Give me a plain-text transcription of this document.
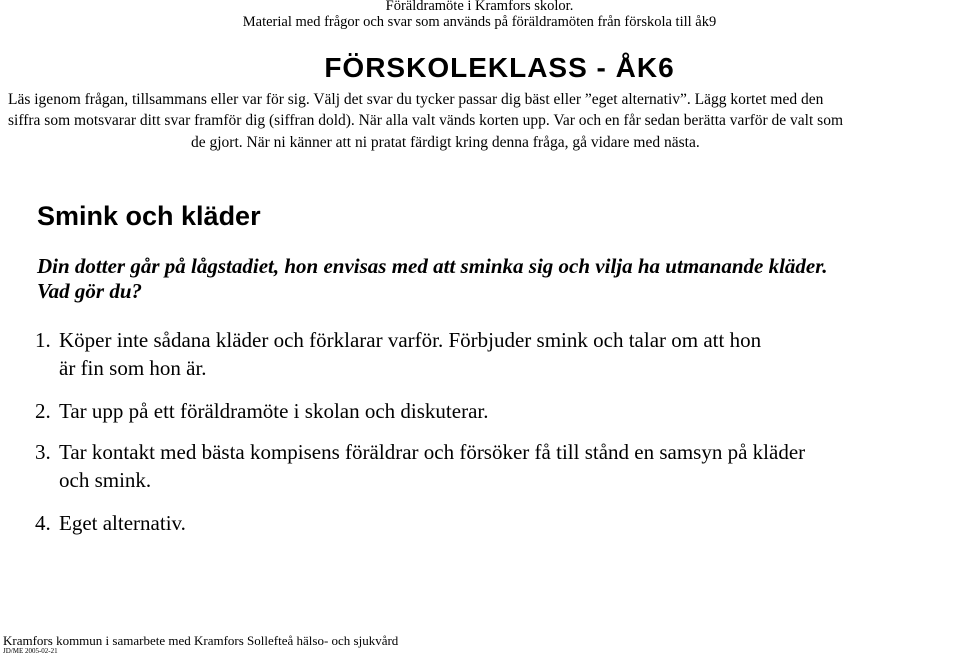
Föräldramöte i Kramfors skolor.
Material med frågor och svar som används på föräldramöten från förskola till åk9
FÖRSKOLEKLASS - ÅK6
Läs igenom frågan, tillsammans eller var för sig. Välj det svar du tycker passar dig bäst eller ”eget alternativ”. Lägg kortet med den
siffra som motsvarar ditt svar framför dig (siffran dold). När alla valt vänds korten upp. Var och en får sedan berätta varför de valt som
de gjort. När ni känner att ni pratat färdigt kring denna fråga, gå vidare med nästa.
Smink och kläder
Din dotter går på lågstadiet, hon envisas med att sminka sig och vilja ha utmanande kläder.
Vad gör du?
1. Köper inte sådana kläder och förklarar varför. Förbjuder smink och talar om att hon
är fin som hon är.
2. Tar upp på ett föräldramöte i skolan och diskuterar.
3. Tar kontakt med bästa kompisens föräldrar och försöker få till stånd en samsyn på kläder
och smink.
4. Eget alternativ.
Kramfors kommun i samarbete med Kramfors Sollefteå hälso- och sjukvård
JD/ME 2005-02-21
